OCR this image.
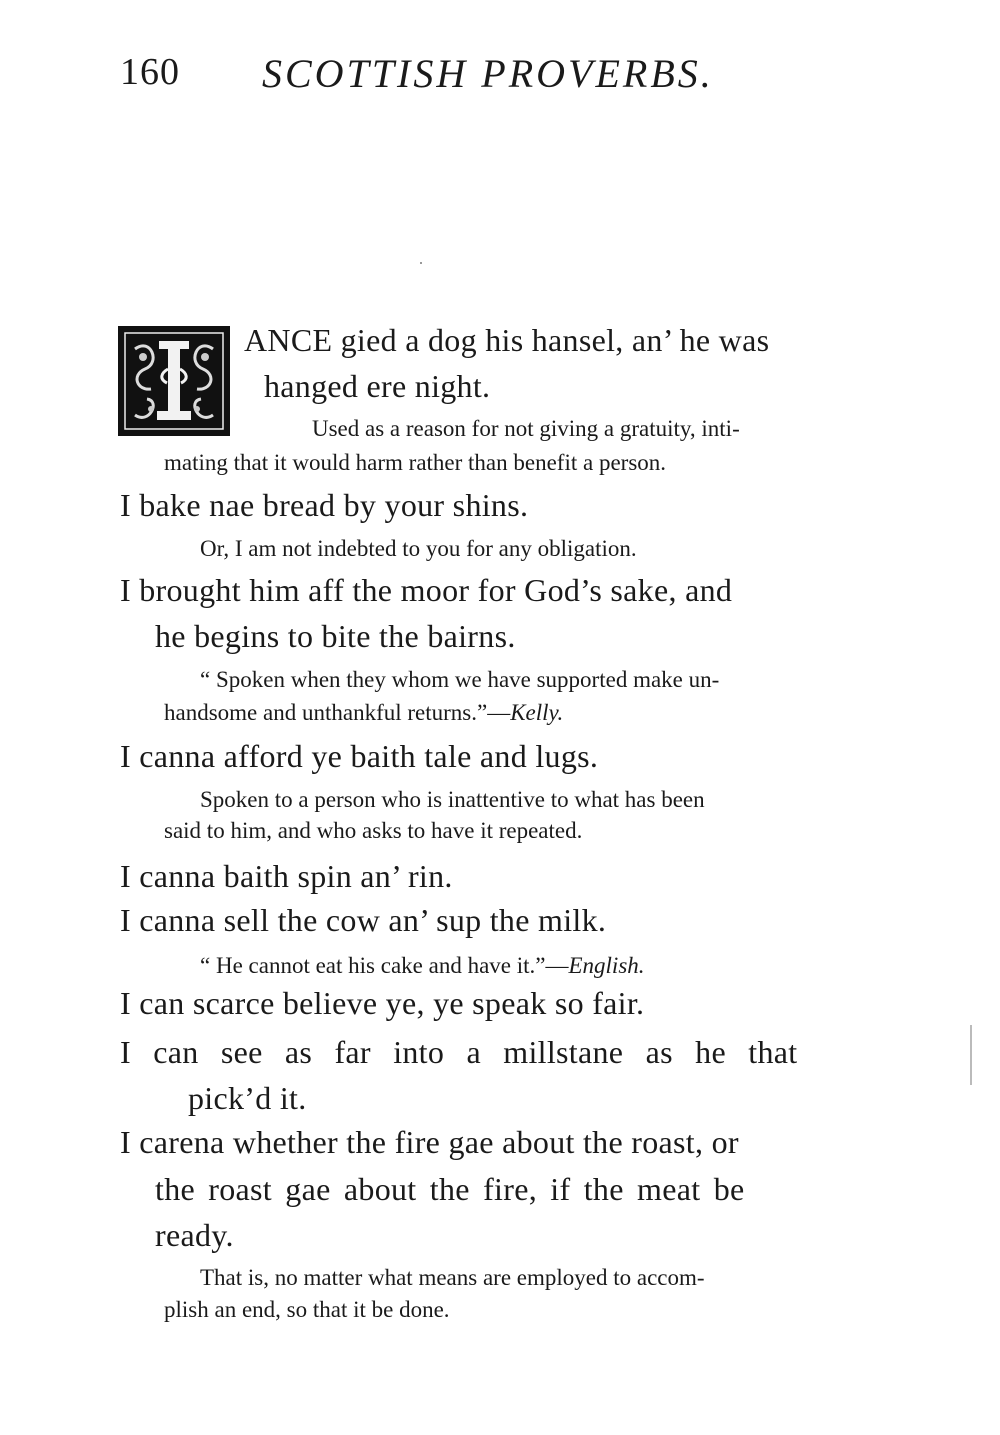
160 SCOTTISH PROVERBS.
ANCE gied a dog his hansel, an’ he was
hanged ere night.
Used as a reason for not giving a gratuity, inti-
mating that it would harm rather than benefit a person.
I bake nae bread by your shins.
Or, I am not indebted to you for any obligation.
I brought him aff the moor for God’s sake, and
he begins to bite the bairns.
“ Spoken when they whom we have supported make un-
handsome and unthankful returns.”—Kelly.
I canna afford ye baith tale and lugs.
Spoken to a person who is inattentive to what has been
said to him, and who asks to have it repeated.
I canna baith spin an’ rin.
I canna sell the cow an’ sup the milk.
“ He cannot eat his cake and have it.”—English.
I can scarce believe ye, ye speak so fair.
I can see as far into a millstane as he that
pick’d it.
I carena whether the fire gae about the roast, or
the roast gae about the fire, if the meat be
ready.
That is, no matter what means are employed to accom-
plish an end, so that it be done.
